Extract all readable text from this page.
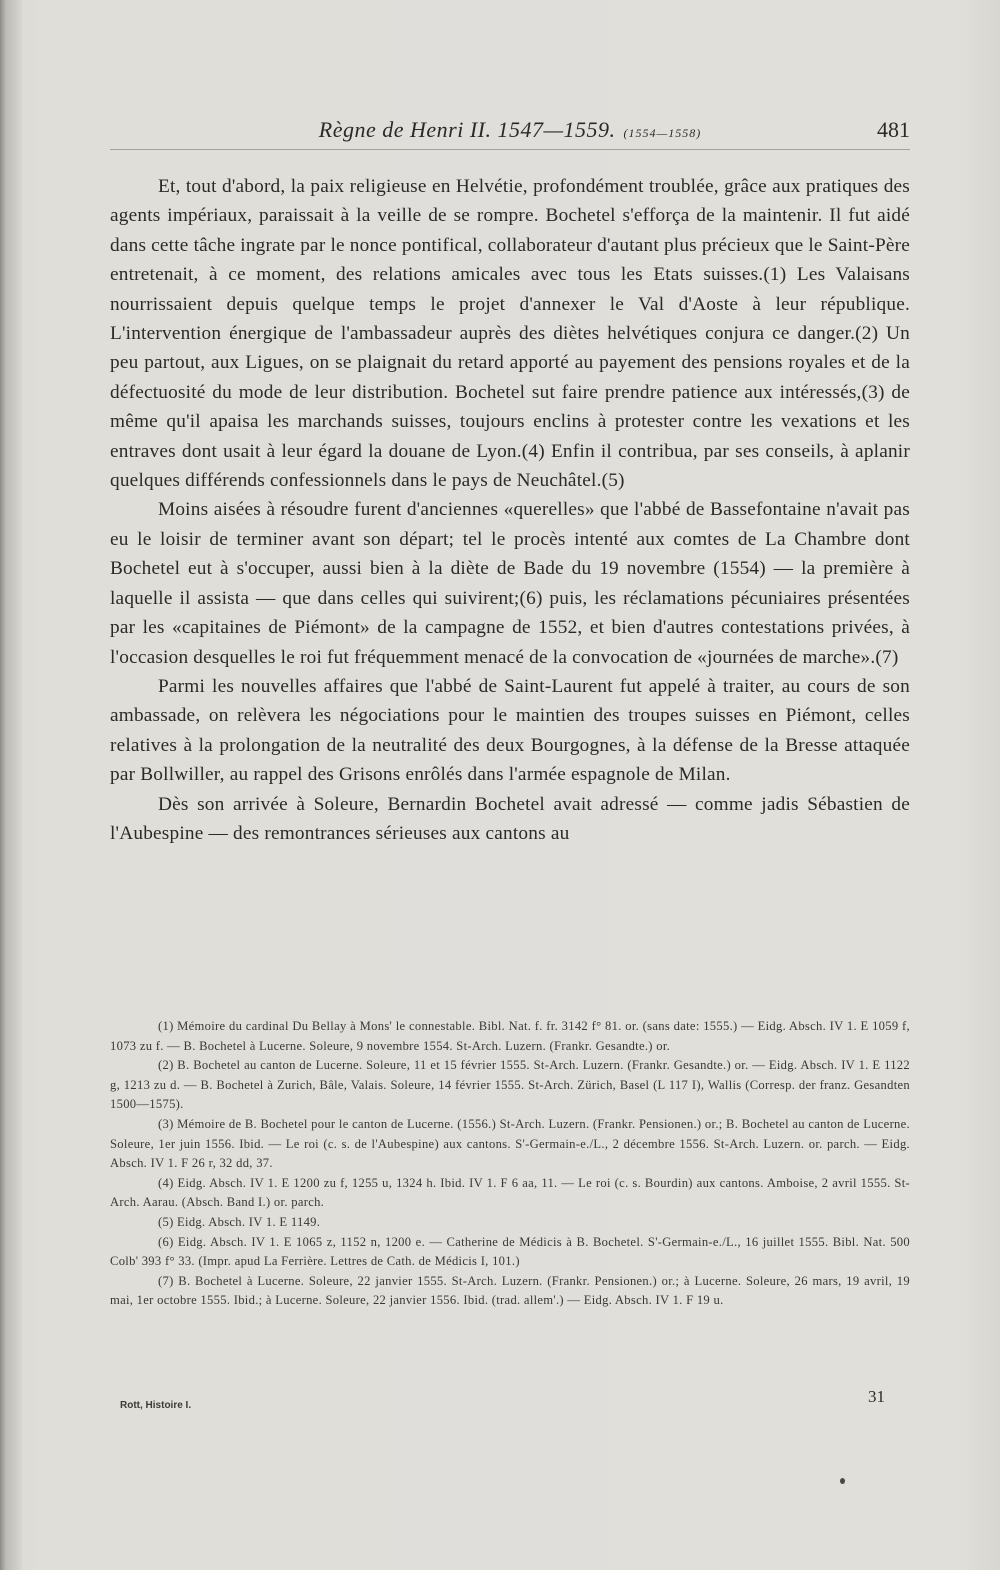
Règne de Henri II. 1547—1559. (1554—1558)	481

Et, tout d'abord, la paix religieuse en Helvétie, profondément troublée, grâce aux pratiques des agents impériaux, paraissait à la veille de se rompre. Bochetel s'efforça de la maintenir. Il fut aidé dans cette tâche ingrate par le nonce pontifical, collaborateur d'autant plus précieux que le Saint-Père entretenait, à ce moment, des relations amicales avec tous les Etats suisses.(1) Les Valaisans nourrissaient depuis quelque temps le projet d'annexer le Val d'Aoste à leur république. L'intervention énergique de l'ambassadeur auprès des diètes helvétiques conjura ce danger.(2) Un peu partout, aux Ligues, on se plaignait du retard apporté au payement des pensions royales et de la défectuosité du mode de leur distribution. Bochetel sut faire prendre patience aux intéressés,(3) de même qu'il apaisa les marchands suisses, toujours enclins à protester contre les vexations et les entraves dont usait à leur égard la douane de Lyon.(4) Enfin il contribua, par ses conseils, à aplanir quelques différends confessionnels dans le pays de Neuchâtel.(5)

Moins aisées à résoudre furent d'anciennes «querelles» que l'abbé de Bassefontaine n'avait pas eu le loisir de terminer avant son départ; tel le procès intenté aux comtes de La Chambre dont Bochetel eut à s'occuper, aussi bien à la diète de Bade du 19 novembre (1554) — la première à laquelle il assista — que dans celles qui suivirent;(6) puis, les réclamations pécuniaires présentées par les «capitaines de Piémont» de la campagne de 1552, et bien d'autres contestations privées, à l'occasion desquelles le roi fut fréquemment menacé de la convocation de «journées de marche».(7)

Parmi les nouvelles affaires que l'abbé de Saint-Laurent fut appelé à traiter, au cours de son ambassade, on relèvera les négociations pour le maintien des troupes suisses en Piémont, celles relatives à la prolongation de la neutralité des deux Bourgognes, à la défense de la Bresse attaquée par Bollwiller, au rappel des Grisons enrôlés dans l'armée espagnole de Milan.

Dès son arrivée à Soleure, Bernardin Bochetel avait adressé — comme jadis Sébastien de l'Aubespine — des remontrances sérieuses aux cantons au

(1) Mémoire du cardinal Du Bellay à Mons' le connestable. Bibl. Nat. f. fr. 3142 f° 81. or. (sans date: 1555.) — Eidg. Absch. IV 1. E 1059 f, 1073 zu f. — B. Bochetel à Lucerne. Soleure, 9 novembre 1554. St-Arch. Luzern. (Frankr. Gesandte.) or.

(2) B. Bochetel au canton de Lucerne. Soleure, 11 et 15 février 1555. St-Arch. Luzern. (Frankr. Gesandte.) or. — Eidg. Absch. IV 1. E 1122 g, 1213 zu d. — B. Bochetel à Zurich, Bâle, Valais. Soleure, 14 février 1555. St-Arch. Zürich, Basel (L 117 I), Wallis (Corresp. der franz. Gesandten 1500—1575).

(3) Mémoire de B. Bochetel pour le canton de Lucerne. (1556.) St-Arch. Luzern. (Frankr. Pensionen.) or.; B. Bochetel au canton de Lucerne. Soleure, 1er juin 1556. Ibid. — Le roi (c. s. de l'Aubespine) aux cantons. S'-Germain-e./L., 2 décembre 1556. St-Arch. Luzern. or. parch. — Eidg. Absch. IV 1. F 26 r, 32 dd, 37.

(4) Eidg. Absch. IV 1. E 1200 zu f, 1255 u, 1324 h. Ibid. IV 1. F 6 aa, 11. — Le roi (c. s. Bourdin) aux cantons. Amboise, 2 avril 1555. St-Arch. Aarau. (Absch. Band I.) or. parch.

(5) Eidg. Absch. IV 1. E 1149.

(6) Eidg. Absch. IV 1. E 1065 z, 1152 n, 1200 e. — Catherine de Médicis à B. Bochetel. S'-Germain-e./L., 16 juillet 1555. Bibl. Nat. 500 Colb' 393 f° 33. (Impr. apud La Ferrière. Lettres de Cath. de Médicis I, 101.)

(7) B. Bochetel à Lucerne. Soleure, 22 janvier 1555. St-Arch. Luzern. (Frankr. Pensionen.) or.; à Lucerne. Soleure, 26 mars, 19 avril, 19 mai, 1er octobre 1555. Ibid.; à Lucerne. Soleure, 22 janvier 1556. Ibid. (trad. allem'.) — Eidg. Absch. IV 1. F 19 u.

Rott, Histoire I.	31
